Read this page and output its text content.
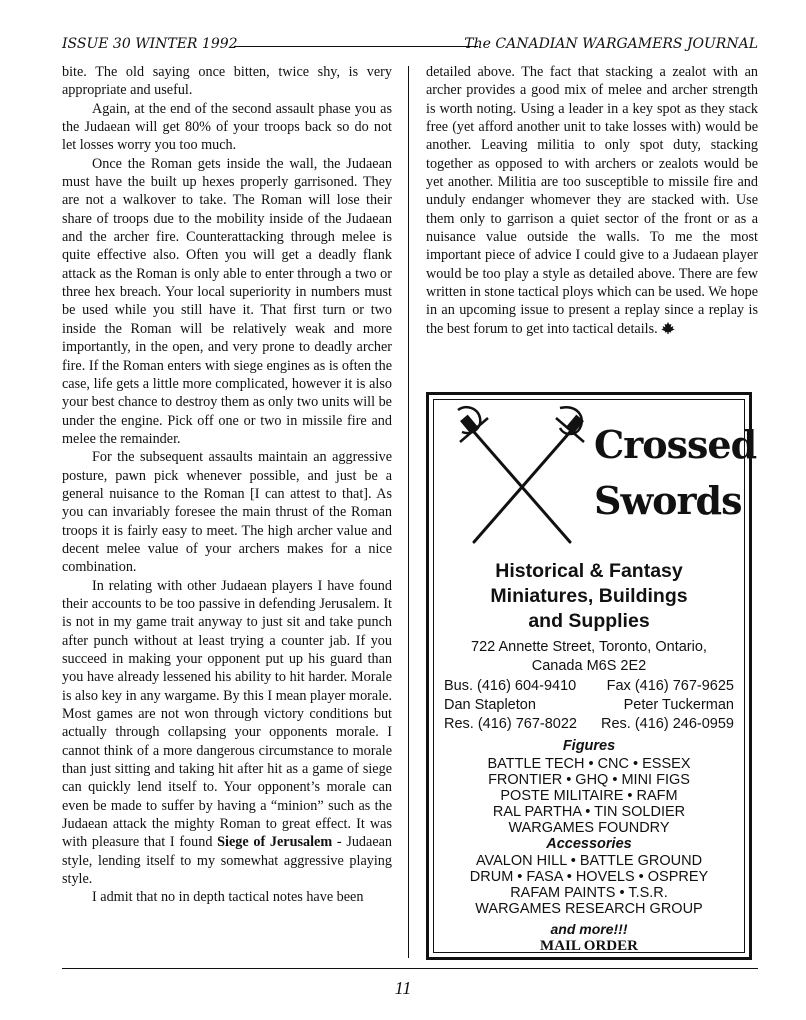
ISSUE 30 WINTER 1992	The CANADIAN WARGAMERS JOURNAL

bite. The old saying once bitten, twice shy, is very appropriate and useful.

Again, at the end of the second assault phase you as the Judaean will get 80% of your troops back so do not let losses worry you too much.

Once the Roman gets inside the wall, the Judaean must have the built up hexes properly garrisoned. They are not a walkover to take. The Roman will lose their share of troops due to the mobility inside of the Judaean and the archer fire. Counterattacking through melee is quite effective also. Often you will get a deadly flank attack as the Roman is only able to enter through a two or three hex breach. Your local superiority in numbers must be used while you still have it. That first turn or two inside the Roman will be relatively weak and more importantly, in the open, and very prone to deadly archer fire. If the Roman enters with siege engines as is often the case, life gets a little more complicated, however it is also your best chance to destroy them as only two units will be under the engine. Pick off one or two in missile fire and melee the remainder.

For the subsequent assaults maintain an aggressive posture, pawn pick whenever possible, and just be a general nuisance to the Roman [I can attest to that]. As you can invariably foresee the main thrust of the Roman troops it is fairly easy to meet. The high archer value and decent melee value of your archers makes for a nice combination.

In relating with other Judaean players I have found their accounts to be too passive in defending Jerusalem. It is not in my game trait anyway to just sit and take punch after punch without at least trying a counter jab. If you succeed in making your opponent put up his guard than you have already lessened his ability to hit harder. Morale is also key in any wargame. By this I mean player morale. Most games are not won through victory conditions but actually through collapsing your opponents morale. I cannot think of a more dangerous circumstance to morale than just sitting and taking hit after hit as a game of siege can quickly lend itself to. Your opponent’s morale can even be made to suffer by having a “minion” such as the Judaean attack the mighty Roman to great effect. It was with pleasure that I found Siege of Jerusalem - Judaean style, lending itself to my somewhat aggressive playing style.

I admit that no in depth tactical notes have been

detailed above. The fact that stacking a zealot with an archer provides a good mix of melee and archer strength is worth noting. Using a leader in a key spot as they stack free (yet afford another unit to take losses with) would be another. Leaving militia to only spot duty, stacking together as opposed to with archers or zealots would be yet another. Militia are too susceptible to missile fire and unduly endanger whomever they are stacked with. Use them only to garrison a quiet sector of the front or as a nuisance value outside the walls. To me the most important piece of advice I could give to a Judaean player would be too play a style as detailed above. There are few written in stone tactical ploys which can be used. We hope in an upcoming issue to present a replay since a replay is the best forum to get into tactical details.

Crossed
Swords
Historical & Fantasy
Miniatures, Buildings
and Supplies
722 Annette Street, Toronto, Ontario,
Canada M6S 2E2
Bus. (416) 604-9410 Fax (416) 767-9625
Dan Stapleton	Peter Tuckerman
Res. (416) 767-8022 Res. (416) 246-0959
Figures
BATTLE TECH • CNC • ESSEX
FRONTIER • GHQ • MINI FIGS
POSTE MILITAIRE • RAFM
RAL PARTHA • TIN SOLDIER
WARGAMES FOUNDRY
Accessories
AVALON HILL • BATTLE GROUND
DRUM • FASA • HOVELS • OSPREY
RAFAM PAINTS • T.S.R.
WARGAMES RESEARCH GROUP
and more!!!
MAIL ORDER
11
